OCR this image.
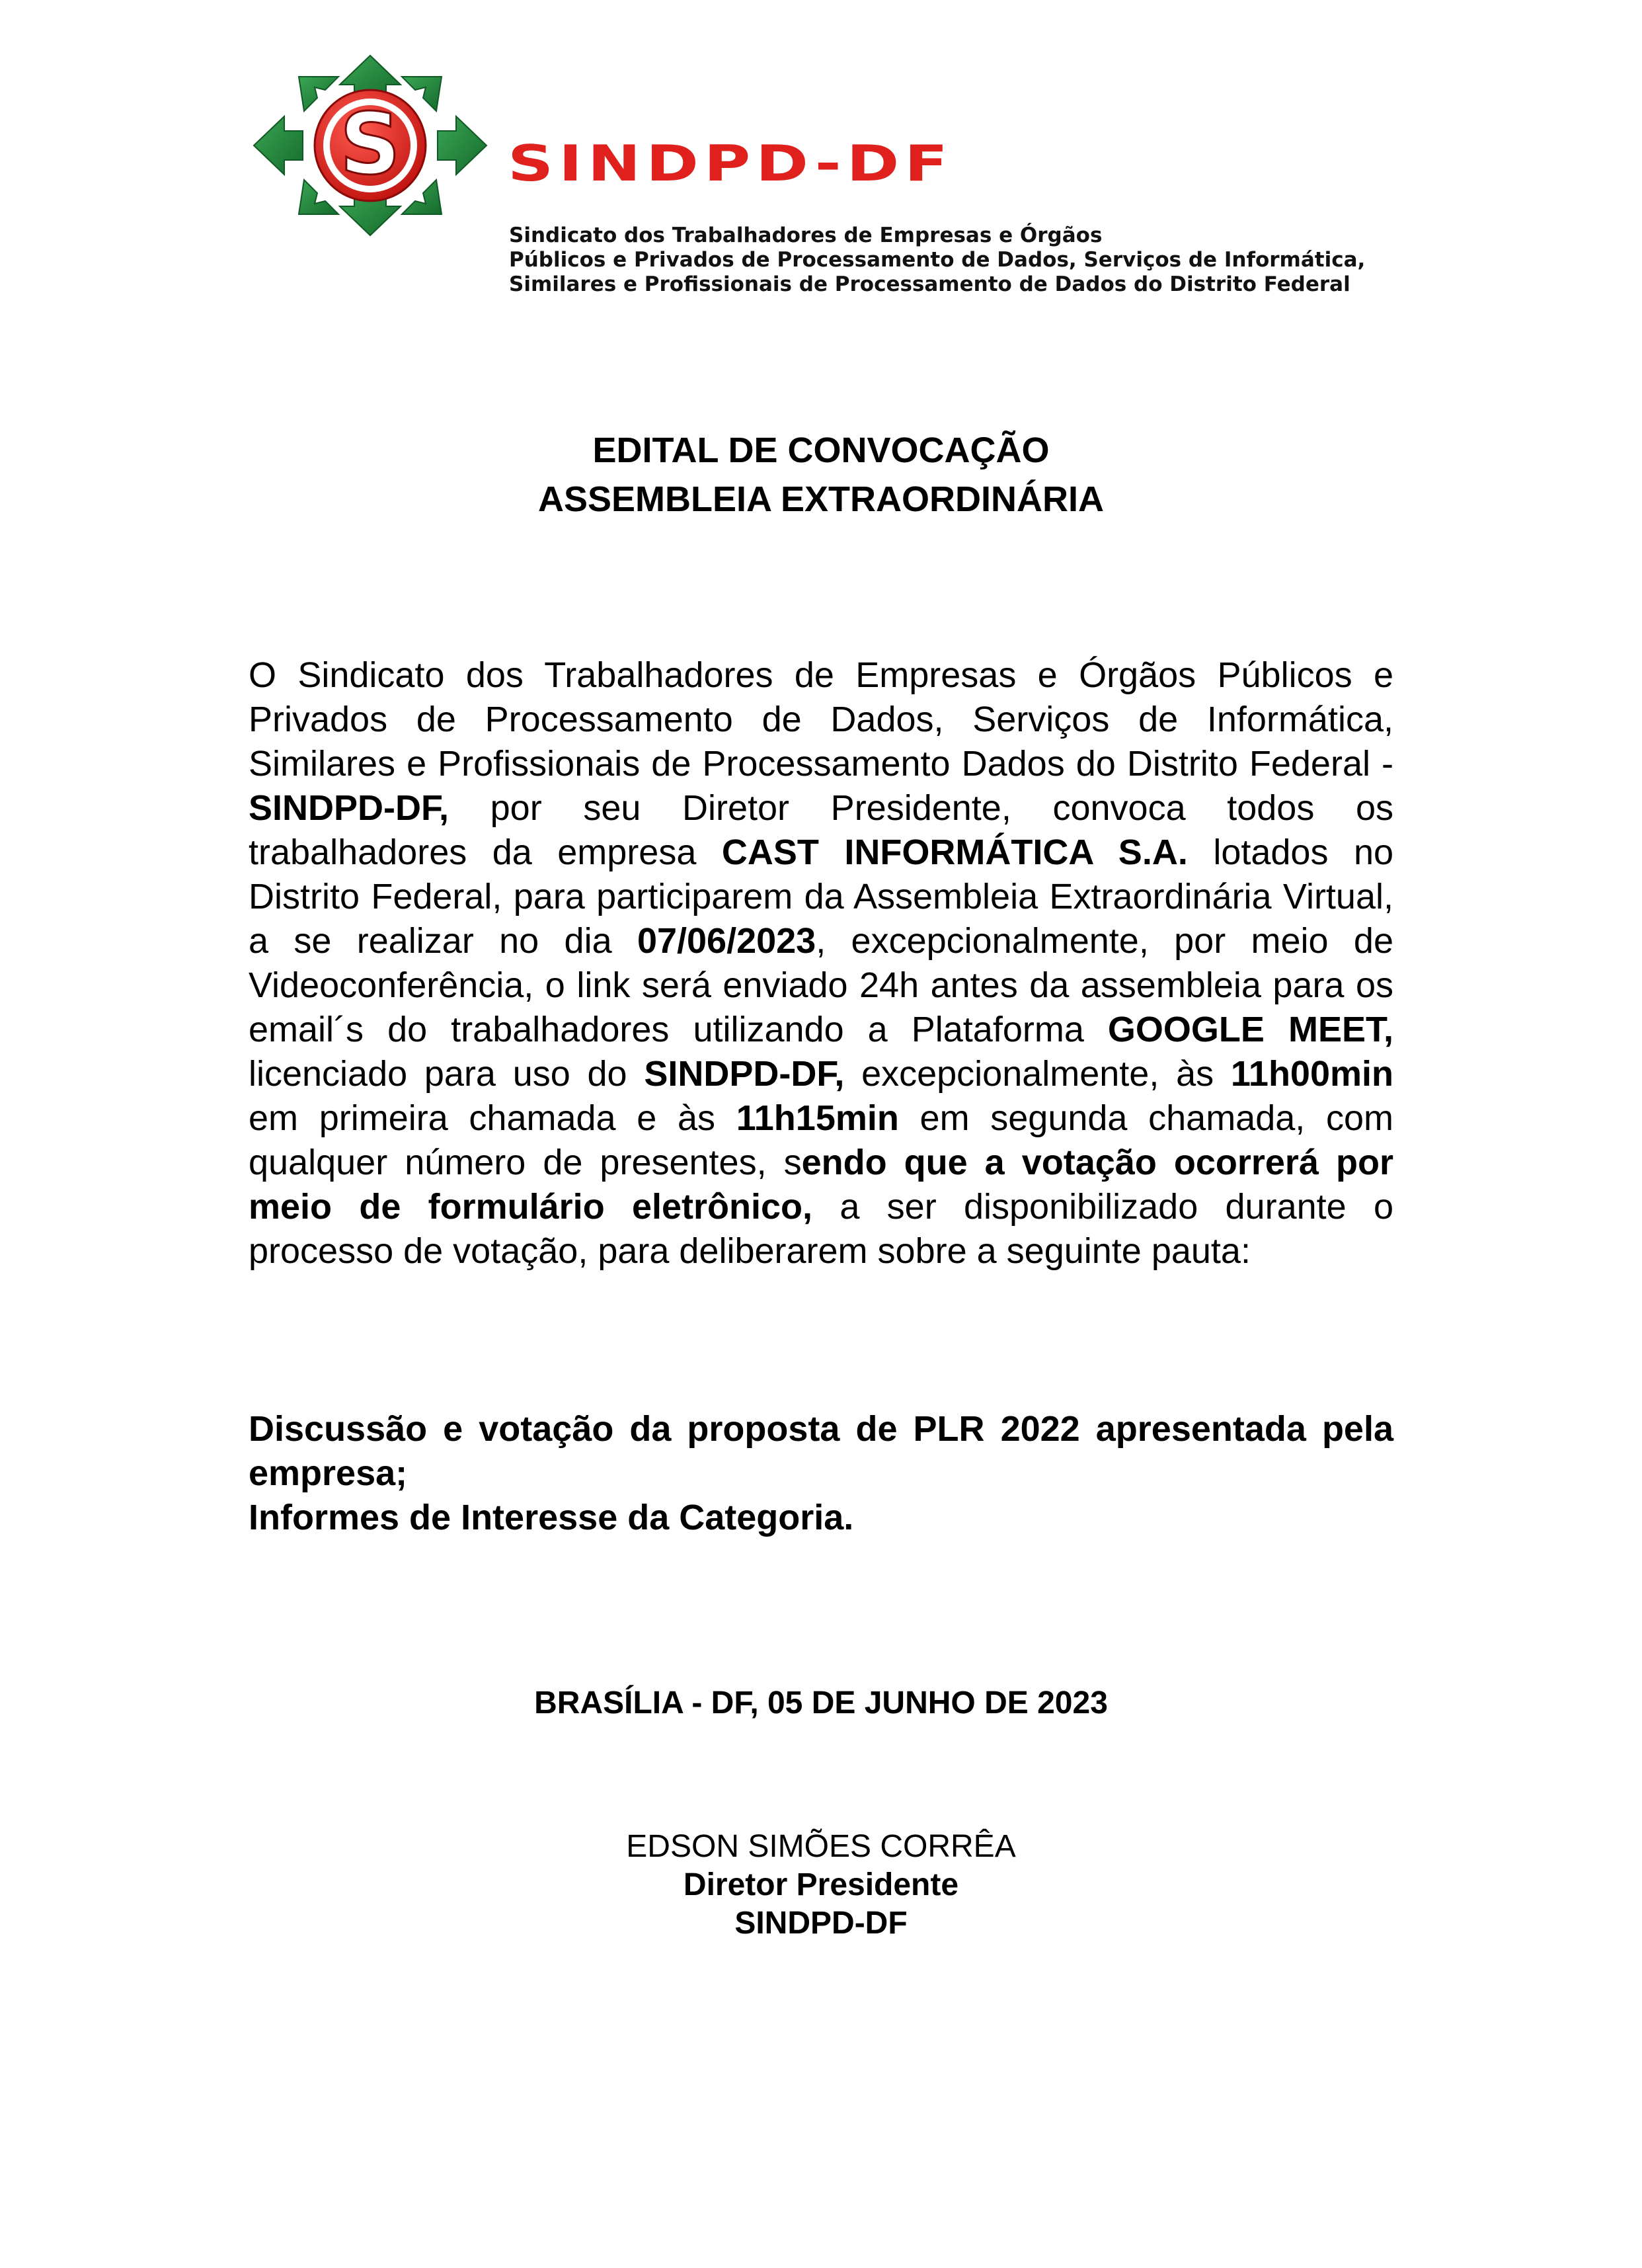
S SINDPD-DF
Sindicato dos Trabalhadores de Empresas e Órgãos
Públicos e Privados de Processamento de Dados, Serviços de Informática,
Similares e Profissionais de Processamento de Dados do Distrito Federal
EDITAL DE CONVOCAÇÃO
ASSEMBLEIA EXTRAORDINÁRIA

O Sindicato dos Trabalhadores de Empresas e Órgãos Públicos e Privados de Processamento de Dados, Serviços de Informática, Similares e Profissionais de Processamento Dados do Distrito Federal - SINDPD-DF, por seu Diretor Presidente, convoca todos os trabalhadores da empresa CAST INFORMÁTICA S.A. lotados no Distrito Federal, para participarem da Assembleia Extraordinária Virtual, a se realizar no dia 07/06/2023, excepcionalmente, por meio de Videoconferência, o link será enviado 24h antes da assembleia para os email´s do trabalhadores utilizando a Plataforma GOOGLE MEET, licenciado para uso do SINDPD-DF, excepcionalmente, às 11h00min em primeira chamada e às 11h15min em segunda chamada, com qualquer número de presentes, sendo que a votação ocorrerá por meio de formulário eletrônico, a ser disponibilizado durante o processo de votação, para deliberarem sobre a seguinte pauta:

Discussão e votação da proposta de PLR 2022 apresentada pela empresa;
Informes de Interesse da Categoria.

BRASÍLIA - DF, 05 DE JUNHO DE 2023

EDSON SIMÕES CORRÊA
Diretor Presidente
SINDPD-DF
